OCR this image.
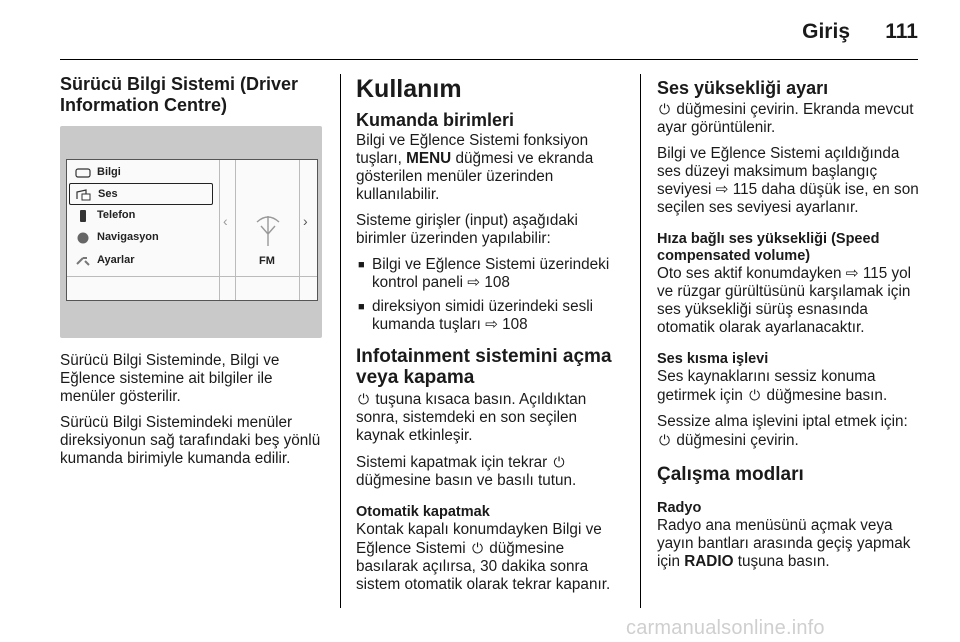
Giriş	111
Sürücü Bilgi Sistemi (Driver Information Centre)
Bilgi
Ses
Telefon
Navigasyon
Ayarlar
‹	›
FM

Sürücü Bilgi Sisteminde, Bilgi ve Eğlence sistemine ait bilgiler ile menüler gösterilir.

Sürücü Bilgi Sistemindeki menüler direksiyonun sağ tarafındaki beş yönlü kumanda birimiyle kumanda edilir.

Kullanım
Kumanda birimleri

Bilgi ve Eğlence Sistemi fonksiyon tuşları, MENU düğmesi ve ekranda gösterilen menüler üzerinden kullanılabilir.

Sisteme girişler (input) aşağıdaki birimler üzerinden yapılabilir:

■ Bilgi ve Eğlence Sistemi üzerindeki kontrol paneli ⇨ 108
■ direksiyon simidi üzerindeki sesli kumanda tuşları ⇨ 108
Infotainment sistemini açma veya kapama

⏻ tuşuna kısaca basın. Açıldıktan sonra, sistemdeki en son seçilen kaynak etkinleşir.

Sistemi kapatmak için tekrar ⏻ düğmesine basın ve basılı tutun.

Otomatik kapatmak

Kontak kapalı konumdayken Bilgi ve Eğlence Sistemi ⏻ düğmesine basılarak açılırsa, 30 dakika sonra sistem otomatik olarak tekrar kapanır.

Ses yüksekliği ayarı

⏻ düğmesini çevirin. Ekranda mevcut ayar görüntülenir.

Bilgi ve Eğlence Sistemi açıldığında ses düzeyi maksimum başlangıç seviyesi ⇨ 115 daha düşük ise, en son seçilen ses seviyesi ayarlanır.

Hıza bağlı ses yüksekliği (Speed compensated volume)

Oto ses aktif konumdayken ⇨ 115 yol ve rüzgar gürültüsünü karşılamak için ses yüksekliği sürüş esnasında otomatik olarak ayarlanacaktır.

Ses kısma işlevi

Ses kaynaklarını sessiz konuma getirmek için ⏻ düğmesine basın.

Sessize alma işlevini iptal etmek için:
⏻ düğmesini çevirin.

Çalışma modları
Radyo

Radyo ana menüsünü açmak veya yayın bantları arasında geçiş yapmak için RADIO tuşuna basın.

carmanualsonline.info
